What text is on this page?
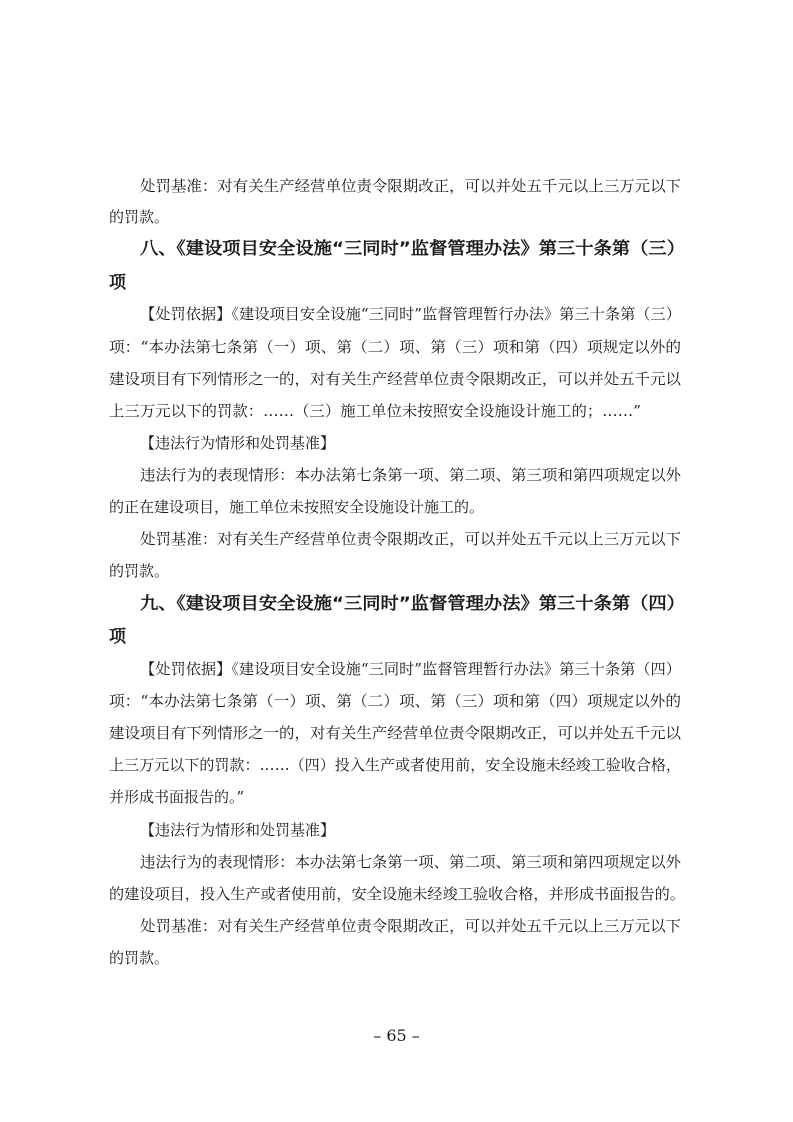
处罚基准：对有关生产经营单位责令限期改正，可以并处五千元以上三万元以下
的罚款。
八、《建设项目安全设施“三同时”监督管理办法》第三十条第（三）
项
【处罚依据】《建设项目安全设施“三同时”监督管理暂行办法》第三十条第（三）
项：“本办法第七条第（一）项、第（二）项、第（三）项和第（四）项规定以外的
建设项目有下列情形之一的，对有关生产经营单位责令限期改正，可以并处五千元以
上三万元以下的罚款：……（三）施工单位未按照安全设施设计施工的；……”
【违法行为情形和处罚基准】
违法行为的表现情形：本办法第七条第一项、第二项、第三项和第四项规定以外
的正在建设项目，施工单位未按照安全设施设计施工的。
处罚基准：对有关生产经营单位责令限期改正，可以并处五千元以上三万元以下
的罚款。
九、《建设项目安全设施“三同时”监督管理办法》第三十条第（四）
项
【处罚依据】《建设项目安全设施“三同时”监督管理暂行办法》第三十条第（四）
项：“本办法第七条第（一）项、第（二）项、第（三）项和第（四）项规定以外的
建设项目有下列情形之一的，对有关生产经营单位责令限期改正，可以并处五千元以
上三万元以下的罚款：……（四）投入生产或者使用前，安全设施未经竣工验收合格，
并形成书面报告的。”
【违法行为情形和处罚基准】
违法行为的表现情形：本办法第七条第一项、第二项、第三项和第四项规定以外
的建设项目，投入生产或者使用前，安全设施未经竣工验收合格，并形成书面报告的。
处罚基准：对有关生产经营单位责令限期改正，可以并处五千元以上三万元以下
的罚款。
– 65 –
